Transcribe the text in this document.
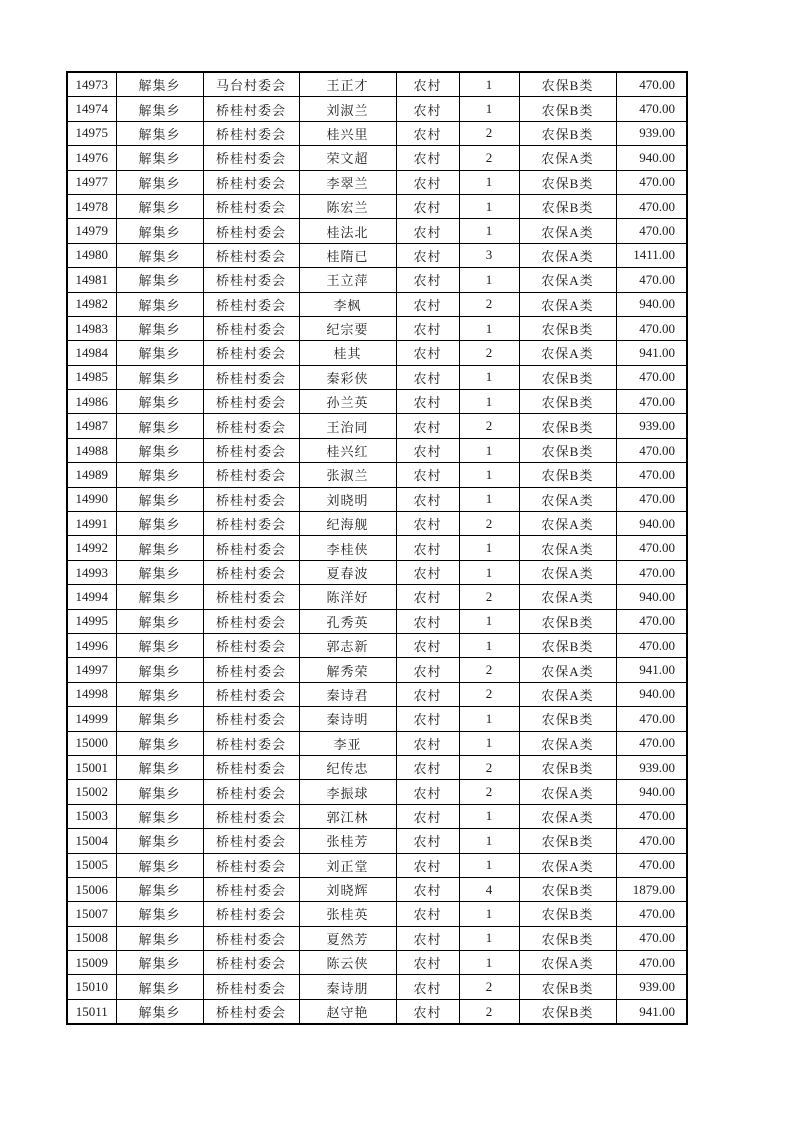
14973	解集乡	马台村委会	王正才	农村	1	农保B类	470.00
14974	解集乡	桥桂村委会	刘淑兰	农村	1	农保B类	470.00
14975	解集乡	桥桂村委会	桂兴里	农村	2	农保B类	939.00
14976	解集乡	桥桂村委会	荣文超	农村	2	农保A类	940.00
14977	解集乡	桥桂村委会	李翠兰	农村	1	农保B类	470.00
14978	解集乡	桥桂村委会	陈宏兰	农村	1	农保B类	470.00
14979	解集乡	桥桂村委会	桂法北	农村	1	农保A类	470.00
14980	解集乡	桥桂村委会	桂隋已	农村	3	农保A类	1411.00
14981	解集乡	桥桂村委会	王立萍	农村	1	农保A类	470.00
14982	解集乡	桥桂村委会	李枫	农村	2	农保A类	940.00
14983	解集乡	桥桂村委会	纪宗要	农村	1	农保B类	470.00
14984	解集乡	桥桂村委会	桂其	农村	2	农保A类	941.00
14985	解集乡	桥桂村委会	秦彩侠	农村	1	农保B类	470.00
14986	解集乡	桥桂村委会	孙兰英	农村	1	农保B类	470.00
14987	解集乡	桥桂村委会	王治同	农村	2	农保B类	939.00
14988	解集乡	桥桂村委会	桂兴红	农村	1	农保B类	470.00
14989	解集乡	桥桂村委会	张淑兰	农村	1	农保B类	470.00
14990	解集乡	桥桂村委会	刘晓明	农村	1	农保A类	470.00
14991	解集乡	桥桂村委会	纪海舰	农村	2	农保A类	940.00
14992	解集乡	桥桂村委会	李桂侠	农村	1	农保A类	470.00
14993	解集乡	桥桂村委会	夏春波	农村	1	农保A类	470.00
14994	解集乡	桥桂村委会	陈洋好	农村	2	农保A类	940.00
14995	解集乡	桥桂村委会	孔秀英	农村	1	农保B类	470.00
14996	解集乡	桥桂村委会	郭志新	农村	1	农保B类	470.00
14997	解集乡	桥桂村委会	解秀荣	农村	2	农保A类	941.00
14998	解集乡	桥桂村委会	秦诗君	农村	2	农保A类	940.00
14999	解集乡	桥桂村委会	秦诗明	农村	1	农保B类	470.00
15000	解集乡	桥桂村委会	李亚	农村	1	农保A类	470.00
15001	解集乡	桥桂村委会	纪传忠	农村	2	农保B类	939.00
15002	解集乡	桥桂村委会	李振球	农村	2	农保A类	940.00
15003	解集乡	桥桂村委会	郭江林	农村	1	农保A类	470.00
15004	解集乡	桥桂村委会	张桂芳	农村	1	农保B类	470.00
15005	解集乡	桥桂村委会	刘正堂	农村	1	农保A类	470.00
15006	解集乡	桥桂村委会	刘晓辉	农村	4	农保B类	1879.00
15007	解集乡	桥桂村委会	张桂英	农村	1	农保B类	470.00
15008	解集乡	桥桂村委会	夏然芳	农村	1	农保B类	470.00
15009	解集乡	桥桂村委会	陈云侠	农村	1	农保A类	470.00
15010	解集乡	桥桂村委会	秦诗朋	农村	2	农保B类	939.00
15011	解集乡	桥桂村委会	赵守艳	农村	2	农保B类	941.00
